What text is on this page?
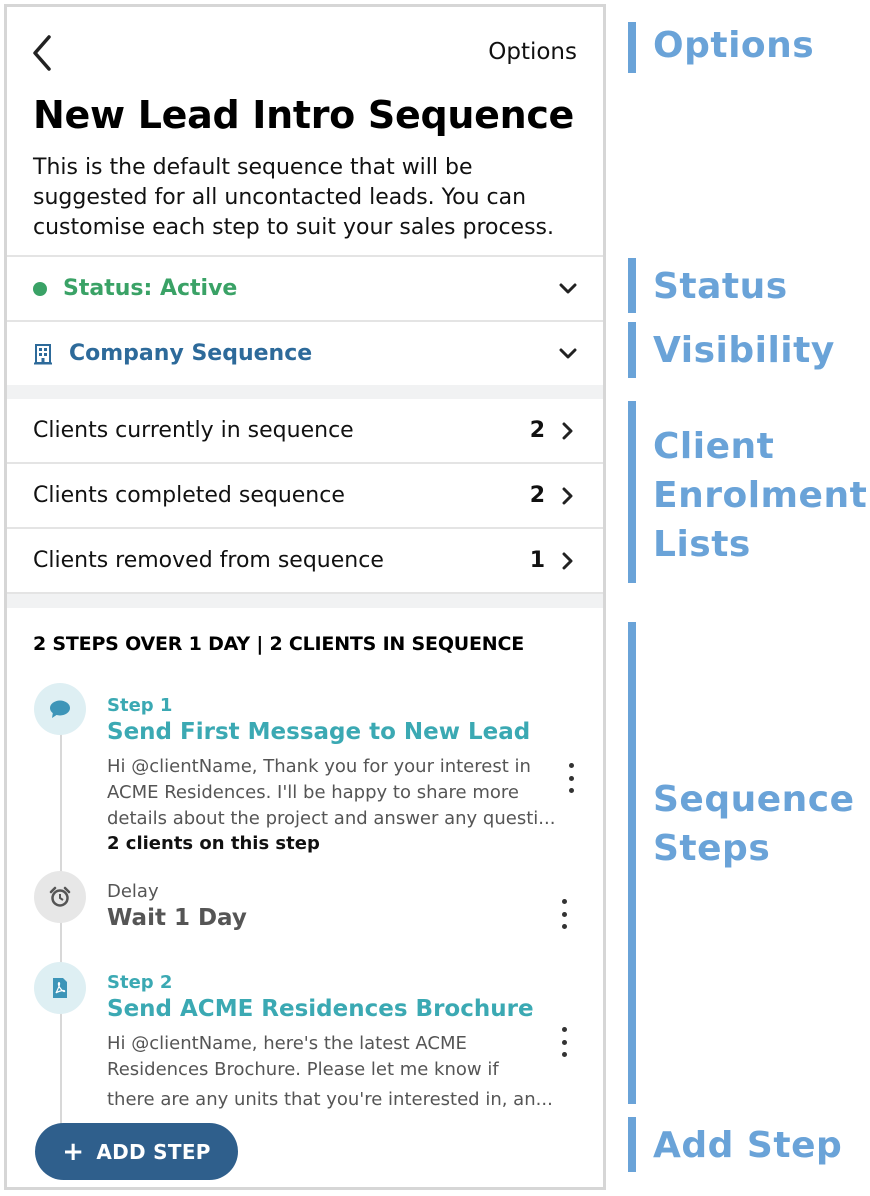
Options
New Lead Intro Sequence
This is the default sequence that will be suggested for all uncontacted leads. You can customise each step to suit your sales process.
Status: Active
Company Sequence
Clients currently in sequence	2
Clients completed sequence	2
Clients removed from sequence	1
2 STEPS OVER 1 DAY | 2 CLIENTS IN SEQUENCE
Step 1
Send First Message to New Lead
Hi @clientName, Thank you for your interest in
ACME Residences. I'll be happy to share more
details about the project and answer any questi...
2 clients on this step
Delay
Wait 1 Day
Step 2
Send ACME Residences Brochure
Hi @clientName, here's the latest ACME
Residences Brochure. Please let me know if
there are any units that you're interested in, an...
+ ADD STEP
Options
Status
Visibility
Client
Enrolment
Lists
Sequence
Steps
Add Step
